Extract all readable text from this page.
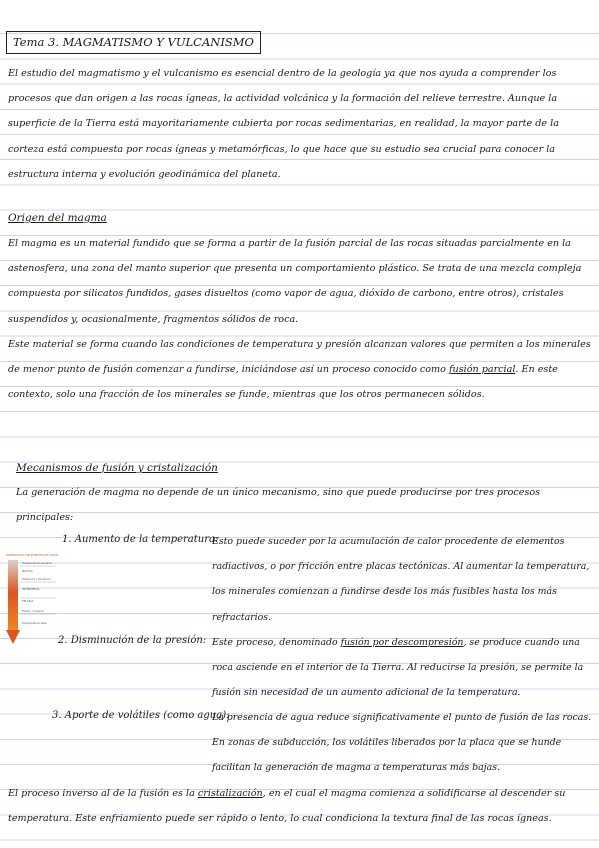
Tema 3. MAGMATISMO Y VULCANISMO
El estudio del magmatismo y el vulcanismo es esencial dentro de la geología ya que nos ayuda a comprender los procesos que dan origen a las rocas ígneas, la actividad volcánica y la formación del relieve terrestre. Aunque la superficie de la Tierra está mayoritariamente cubierta por rocas sedimentarias, en realidad, la mayor parte de la corteza está compuesta por rocas ígneas y metamórficas, lo que hace que su estudio sea crucial para conocer la estructura interna y evolución geodinámica del planeta.
Origen del magma
El magma es un material fundido que se forma a partir de la fusión parcial de las rocas situadas parcialmente en la astenosfera, una zona del manto superior que presenta un comportamiento plástico. Se trata de una mezcla compleja compuesta por silicatos fundidos, gases disueltos (como vapor de agua, dióxido de carbono, entre otros), cristales suspendidos y, ocasionalmente, fragmentos sólidos de roca.
Este material se forma cuando las condiciones de temperatura y presión alcanzan valores que permiten a los minerales de menor punto de fusión comenzar a fundirse, iniciándose así un proceso conocido como fusión parcial. En este contexto, solo una fracción de los minerales se funde, mientras que los otros permanecen sólidos.
Mecanismos de fusión y cristalización
La generación de magma no depende de un único mecanismo, sino que puede producirse por tres procesos principales:
INTERVALOS DE PUNTOS DE FUSIÓN
Temperatura elevada
MAFICA
Tectónico / Volcánico
INTERMEDIA
FELSICA
Fusión / Líquido
Temperatura baja
1. Aumento de la temperatura:
Esto puede suceder por la acumulación de calor procedente de elementos radiactivos, o por fricción entre placas tectónicas. Al aumentar la temperatura, los minerales comienzan a fundirse desde los más fusibles hasta los más refractarios.
2. Disminución de la presión: Este proceso, denominado fusión por descompresión, se produce cuando una roca asciende en el interior de la Tierra. Al reducirse la presión, se permite la fusión sin necesidad de un aumento adicional de la temperatura.
3. Aporte de volátiles (como agua):
La presencia de agua reduce significativamente el punto de fusión de las rocas. En zonas de subducción, los volátiles liberados por la placa que se hunde facilitan la generación de magma a temperaturas más bajas.
El proceso inverso al de la fusión es la cristalización, en el cual el magma comienza a solidificarse al descender su temperatura. Este enfriamiento puede ser rápido o lento, lo cual condiciona la textura final de las rocas ígneas.
